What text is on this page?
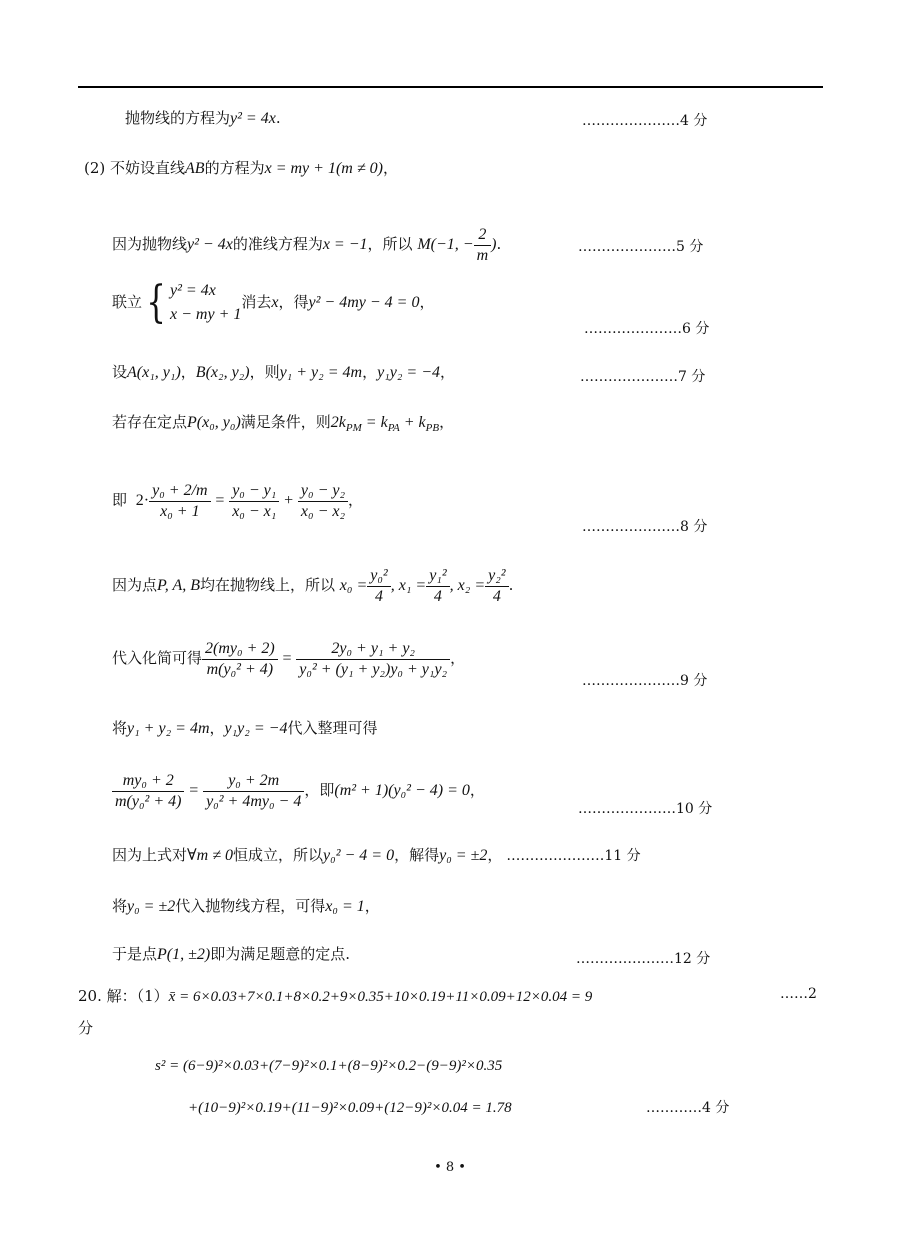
抛物线的方程为y² = 4x.	…………………4 分
(2) 不妨设直线AB的方程为x = my + 1(m ≠ 0)，
因为抛物线y² − 4x的准线方程为x = −1，所以 M(−1, − $\frac{2}{m}$ ).	…………………5 分
联立{ y² = 4x
x − my + 1
消去x，得y² − 4my − 4 = 0，
…………………6 分
设A(x₁, y₁)，B(x₂, y₂)，则y₁ + y₂ = 4m，y₁y₂ = −4，	…………………7 分
若存在定点P(x₀, y₀)满足条件，则$2k_{PM} = k_{PA} + k_{PB}$，
即 $2\cdot \frac{\text{y₀ + 2/m}}{\text{x₀ + 1}} = \frac{\text{y₀ − y₁}}{\text{x₀ − x₁}} + \frac{\text{y₀ − y₂}}{\text{x₀ − x₂}}$ ，
…………………8 分
因为点P, A, B均在抛物线上，所以 $x_0 = \frac{\text{y₀²}}{4}$ , $x_1 = \frac{\text{y₁²}}{4}$ , $x_2 = \frac{\text{y₂²}}{4}$ .
代入化简可得 $\frac{\text{2(my₀ + 2)}}{\text{m(y₀² + 4)}} = \frac{\text{2y₀ + y₁ + y₂}}{\text{y₀² + (y₁ + y₂)y₀ + y₁y₂}}$ ，
…………………9 分
将y₁ + y₂ = 4m，y₁y₂ = −4代入整理可得
$\frac{\text{my₀ + 2}}{\text{m(y₀² + 4)}} = \frac{\text{y₀ + 2m}}{\text{y₀² + 4my₀ − 4}}$ ，即(m² + 1)(y₀² − 4) = 0，
…………………10 分
因为上式对∀m ≠ 0恒成立，所以y₀² − 4 = 0，解得y₀ = ±2， …………………11 分
将y₀ = ±2代入抛物线方程，可得x₀ = 1，
于是点P(1, ±2)即为满足题意的定点.	…………………12 分
20. 解：（1）x̄ = 6×0.03+7×0.1+8×0.2+9×0.35+10×0.19+11×0.09+12×0.04 = 9	……2
分
s² = (6−9)²×0.03+(7−9)²×0.1+(8−9)²×0.2−(9−9)²×0.35
+(10−9)²×0.19+(11−9)²×0.09+(12−9)²×0.04 = 1.78	…………4 分
• 8 •
